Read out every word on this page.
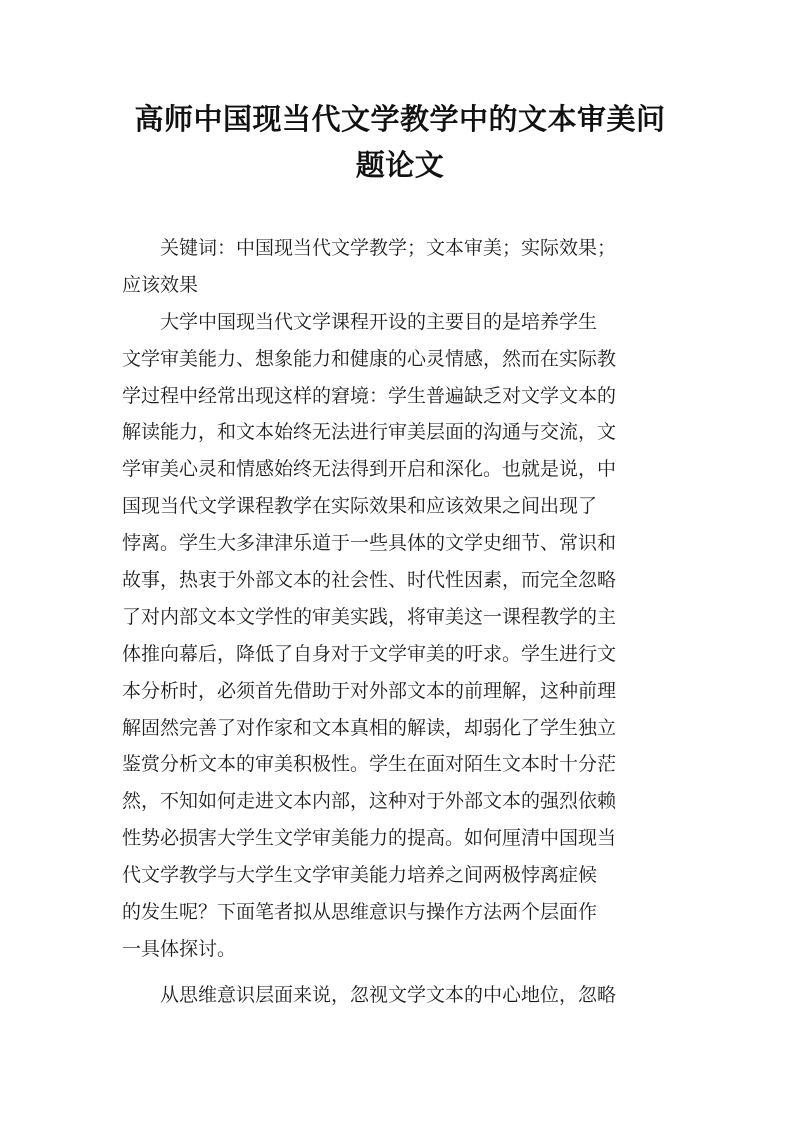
高师中国现当代文学教学中的文本审美问
题论文

关键词：中国现当代文学教学；文本审美；实际效果；
应该效果

大学中国现当代文学课程开设的主要目的是培养学生
文学审美能力、想象能力和健康的心灵情感，然而在实际教
学过程中经常出现这样的窘境：学生普遍缺乏对文学文本的
解读能力，和文本始终无法进行审美层面的沟通与交流，文
学审美心灵和情感始终无法得到开启和深化。也就是说，中
国现当代文学课程教学在实际效果和应该效果之间出现了
悖离。学生大多津津乐道于一些具体的文学史细节、常识和
故事，热衷于外部文本的社会性、时代性因素，而完全忽略
了对内部文本文学性的审美实践，将审美这一课程教学的主
体推向幕后，降低了自身对于文学审美的吁求。学生进行文
本分析时，必须首先借助于对外部文本的前理解，这种前理
解固然完善了对作家和文本真相的解读，却弱化了学生独立
鉴赏分析文本的审美积极性。学生在面对陌生文本时十分茫
然，不知如何走进文本内部，这种对于外部文本的强烈依赖
性势必损害大学生文学审美能力的提高。如何厘清中国现当
代文学教学与大学生文学审美能力培养之间两极悖离症候
的发生呢？下面笔者拟从思维意识与操作方法两个层面作
一具体探讨。

从思维意识层面来说，忽视文学文本的中心地位，忽略
